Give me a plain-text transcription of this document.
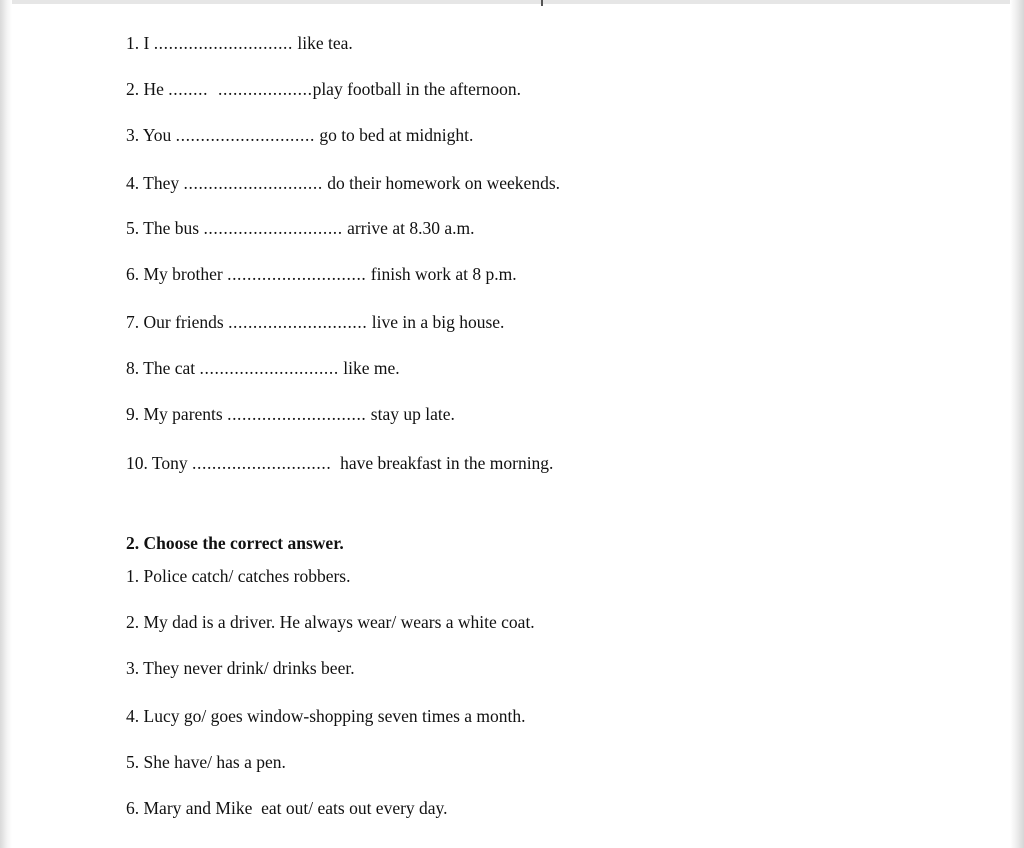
1. I ............................ like tea.
2. He ........  ...................play football in the afternoon.
3. You ............................ go to bed at midnight.
4. They ............................ do their homework on weekends.
5. The bus ............................ arrive at 8.30 a.m.
6. My brother ............................ finish work at 8 p.m.
7. Our friends ............................ live in a big house.
8. The cat ............................ like me.
9. My parents ............................ stay up late.
10. Tony ............................  have breakfast in the morning.
2. Choose the correct answer.
1. Police catch/ catches robbers.
2. My dad is a driver. He always wear/ wears a white coat.
3. They never drink/ drinks beer.
4. Lucy go/ goes window-shopping seven times a month.
5. She have/ has a pen.
6. Mary and Mike  eat out/ eats out every day.
